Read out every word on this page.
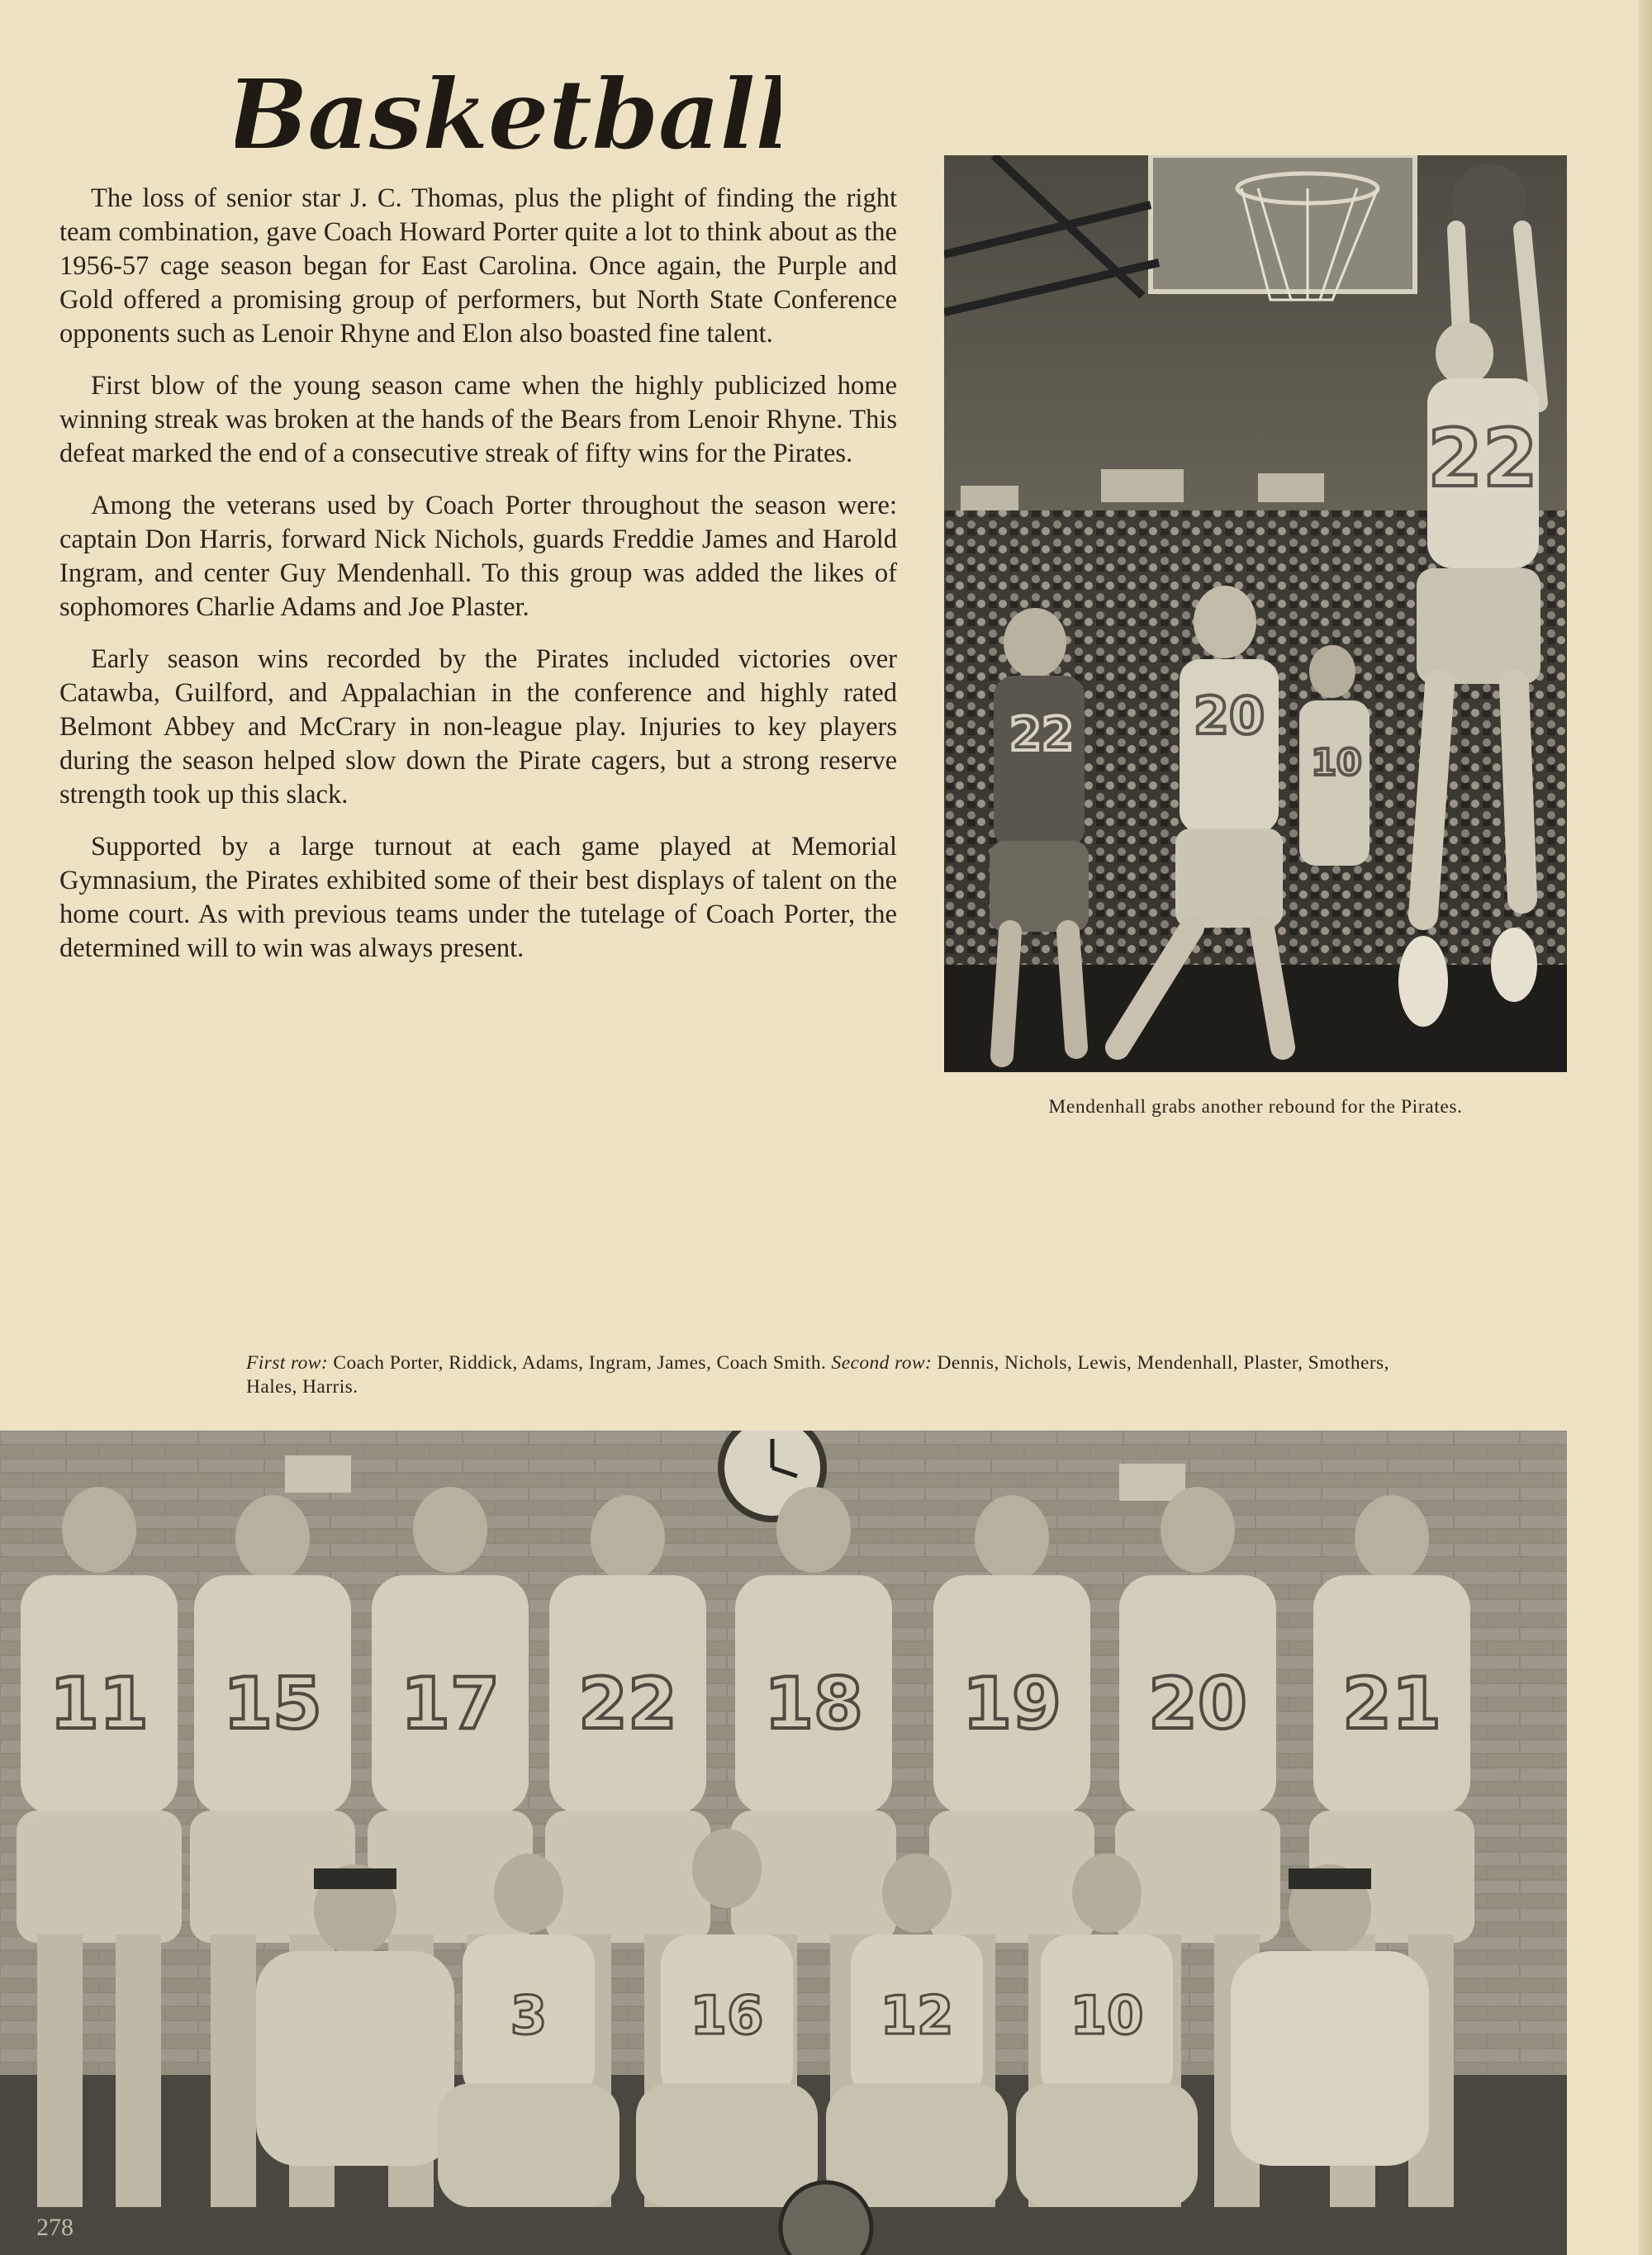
Basketball

The loss of senior star J. C. Thomas, plus the plight of finding the right team combination, gave Coach Howard Porter quite a lot to think about as the 1956-57 cage season began for East Carolina. Once again, the Purple and Gold offered a promising group of performers, but North State Conference opponents such as Lenoir Rhyne and Elon also boasted fine talent.

First blow of the young season came when the highly publicized home winning streak was broken at the hands of the Bears from Lenoir Rhyne. This defeat marked the end of a consecutive streak of fifty wins for the Pirates.

Among the veterans used by Coach Porter throughout the season were: captain Don Harris, forward Nick Nichols, guards Freddie James and Harold Ingram, and center Guy Mendenhall. To this group was added the likes of sophomores Charlie Adams and Joe Plaster.

Early season wins recorded by the Pirates included victories over Catawba, Guilford, and Appalachian in the conference and highly rated Belmont Abbey and McCrary in non-league play. Injuries to key players during the season helped slow down the Pirate cagers, but a strong reserve strength took up this slack.

Supported by a large turnout at each game played at Memorial Gymnasium, the Pirates exhibited some of their best displays of talent on the home court. As with previous teams under the tutelage of Coach Porter, the determined will to win was always present.

22
22 20
10
Mendenhall grabs another rebound for the Pirates.
First row: Coach Porter, Riddick, Adams, Ingram, James, Coach Smith. Second row: Dennis, Nichols, Lewis, Mendenhall, Plaster, Smothers, Hales, Harris.
11 15 17 22 18 19 20 21
3	16 12 10
278
